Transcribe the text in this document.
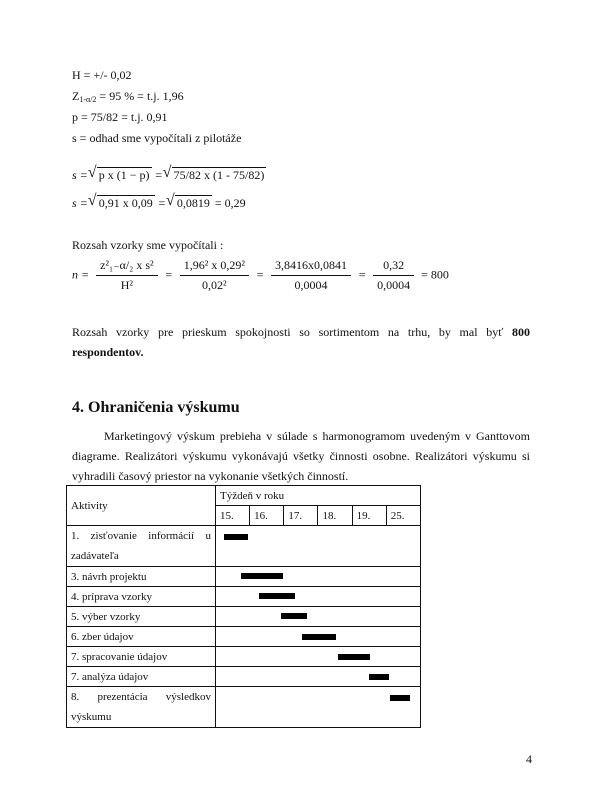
H = +/- 0,02
$Z_{1-\alpha/2} = 95$ % = t.j. 1,96
p = 75/82 = t.j. 0,91
s = odhad sme vypočítali z pilotáže
s = √ p x (1 − p) = √ 75/82 x (1 - 75/82)
s = √ 0,91 x 0,09 = √ 0,0819 = 0,29
Rozsah vzorky sme vypočítali :
$n = \frac{\text{z²₁₋α/₂ x s²}}{\text{H²}} = \frac{\text{1,96² x 0,29²}}{\text{0,02²}} = \frac{3,8416x0,0841}{0,0004} = \frac{0,32}{0,0004} = 800$
Rozsah vzorky pre prieskum spokojnosti so sortimentom na trhu, by mal byť 800 respondentov.
4. Ohraničenia výskumu
Marketingový výskum prebieha v súlade s harmonogramom uvedeným v Ganttovom diagrame. Realizátori výskumu vykonávajú všetky činnosti osobne. Realizátori výskumu si vyhradili časový priestor na vykonanie všetkých činností.
Aktivity	Týždeň v roku					
	15.	16.	17.	18.	19.	25.
1. zisťovanie informácií u zadávateľa						
3. návrh projektu						
4. príprava vzorky						
5. výber vzorky						
6. zber údajov						
7. spracovanie údajov						
7. analýza údajov						
8. prezentácia výsledkov výskumu						
4
